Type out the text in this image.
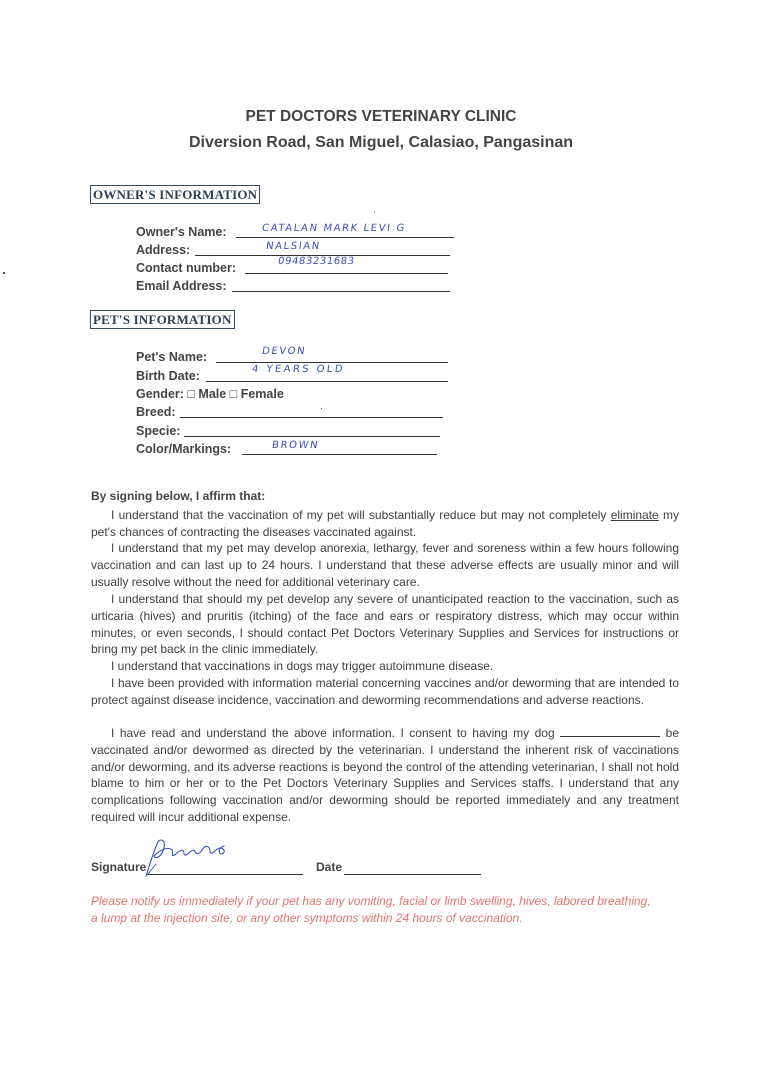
PET DOCTORS VETERINARY CLINIC
Diversion Road, San Miguel, Calasiao, Pangasinan
OWNER'S INFORMATION
Owner's Name:	CATALAN MARK LEVI G
Address:	NALSIAN
Contact number:	09483231683
Email Address:
PET'S INFORMATION
Pet's Name:	DEVON
Birth Date:	4 YEARS OLD
Gender: □ Male □ Female
Breed:
Specie:
Color/Markings:	BROWN
By signing below, I affirm that:

I understand that the vaccination of my pet will substantially reduce but may not completely eliminate my pet's chances of contracting the diseases vaccinated against.

I understand that my pet may develop anorexia, lethargy, fever and soreness within a few hours following vaccination and can last up to 24 hours. I understand that these adverse effects are usually minor and will usually resolve without the need for additional veterinary care.

I understand that should my pet develop any severe of unanticipated reaction to the vaccination, such as urticaria (hives) and pruritis (itching) of the face and ears or respiratory distress, which may occur within minutes, or even seconds, I should contact Pet Doctors Veterinary Supplies and Services for instructions or bring my pet back in the clinic immediately.

I understand that vaccinations in dogs may trigger autoimmune disease.

I have been provided with information material concerning vaccines and/or deworming that are intended to protect against disease incidence, vaccination and deworming recommendations and adverse reactions.

I have read and understand the above information. I consent to having my dog	be vaccinated and/or dewormed as directed by the veterinarian. I understand the inherent risk of vaccinations and/or deworming, and its adverse reactions is beyond the control of the attending veterinarian, I shall not hold blame to him or her or to the Pet Doctors Veterinary Supplies and Services staffs. I understand that any complications following vaccination and/or deworming should be reported immediately and any treatment required will incur additional expense.

Signature	Date

Please notify us immediately if your pet has any vomiting, facial or limb swelling, hives, labored breathing, a lump at the injection site, or any other symptoms within 24 hours of vaccination.
